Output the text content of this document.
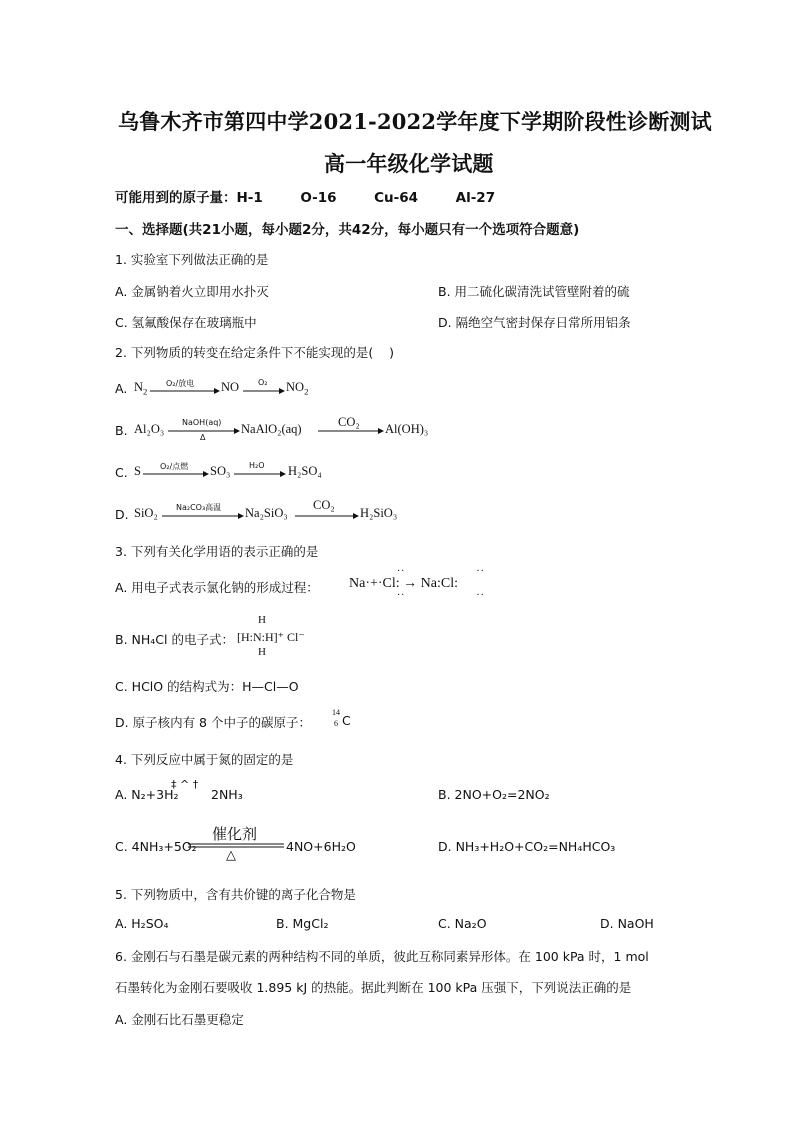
乌鲁木齐市第四中学2021-2022学年度下学期阶段性诊断测试
高一年级化学试题
可能用到的原子量：H-1        O-16        Cu-64        Al-27
一、选择题(共21小题，每小题2分，共42分，每小题只有一个选项符合题意)
1. 实验室下列做法正确的是
A. 金属钠着火立即用水扑灭	B. 用二硫化碳清洗试管壁附着的硫
C. 氢氟酸保存在玻璃瓶中	D. 隔绝空气密封保存日常所用铝条
2. 下列物质的转变在给定条件下不能实现的是(    )
A. $N_2$
O₂/放电 NO O₂ $NO_2$
B. Al₂O₃ NaOH(aq)
Δ
NaAlO₂(aq)	CO₂ Al(OH)₃
C. S O₂/点燃 SO₃ H₂O H₂SO₄
D. SiO₂ Na₂CO₃高温 Na₂SiO₃
CO₂
H₂SiO₃
3. 下列有关化学用语的表示正确的是
A. 用电子式表示氯化钠的形成过程：
··                 ··
Na·+·Cl: → Na:Cl:
··                 ··
B. NH₄Cl 的电子式：
H
[H:N:H]⁺ Cl⁻
H
C. HClO 的结构式为：H—Cl—O
D. 原子核内有 8 个中子的碳原子：
14
6 C
4. 下列反应中属于氮的固定的是
A. N₂+3H₂
‡ ^ †
2NH₃	B. 2NO+O₂=2NO₂
C. 4NH₃+5O₂
催化剂
△
4NO+6H₂O	D. NH₃+H₂O+CO₂=NH₄HCO₃
5. 下列物质中，含有共价键的离子化合物是
A. H₂SO₄	B. MgCl₂	C. Na₂O	D. NaOH
6. 金刚石与石墨是碳元素的两种结构不同的单质，彼此互称同素异形体。在 100 kPa 时，1 mol
石墨转化为金刚石要吸收 1.895 kJ 的热能。据此判断在 100 kPa 压强下，下列说法正确的是
A. 金刚石比石墨更稳定
